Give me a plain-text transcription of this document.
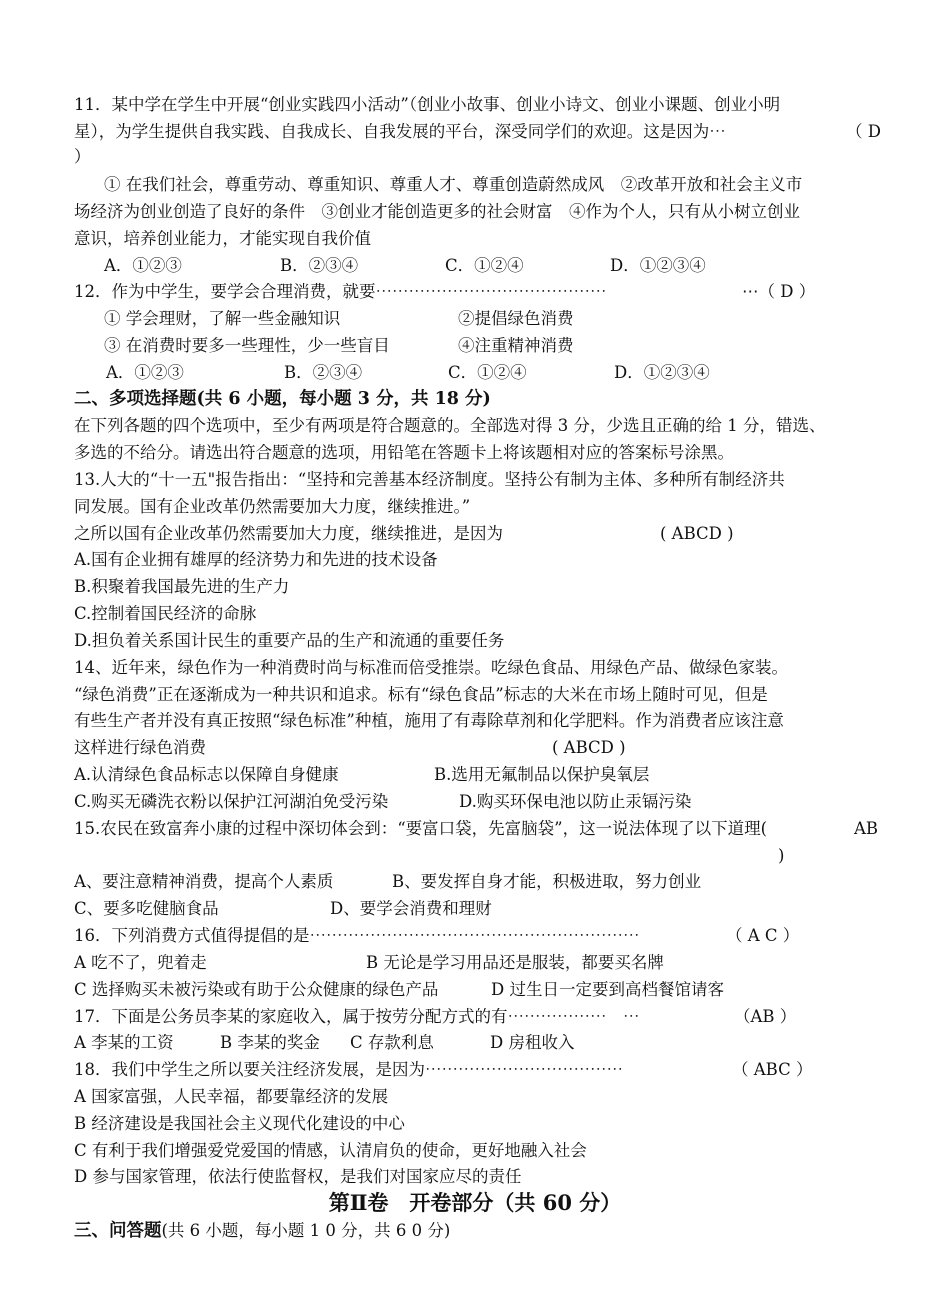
11．某中学在学生中开展“创业实践四小活动”（创业小故事、创业小诗文、创业小课题、创业小明
星），为学生提供自我实践、自我成长、自我发展的平台，深受同学们的欢迎。这是因为⋯	（ D
）
① 在我们社会，尊重劳动、尊重知识、尊重人才、尊重创造蔚然成风　②改革开放和社会主义市
场经济为创业创造了良好的条件　③创业才能创造更多的社会财富　④作为个人，只有从小树立创业
意识，培养创业能力，才能实现自我价值
A．①②③	B．②③④	C．①②④	D．①②③④
12．作为中学生，要学会合理消费，就要⋯⋯⋯⋯⋯⋯⋯⋯⋯⋯⋯⋯⋯⋯	⋯（ D ）
① 学会理财，了解一些金融知识	②提倡绿色消费
③ 在消费时要多一些理性，少一些盲目	④注重精神消费
A．①②③	B．②③④	C．①②④	D．①②③④
二、多项选择题(共 6 小题，每小题 3 分，共 18 分)
在下列各题的四个选项中，至少有两项是符合题意的。全部选对得 3 分，少选且正确的给 1 分，错选、
多选的不给分。请选出符合题意的选项，用铅笔在答题卡上将该题相对应的答案标号涂黑。
13.人大的“十一五"报告指出：“坚持和完善基本经济制度。坚持公有制为主体、多种所有制经济共
同发展。国有企业改革仍然需要加大力度，继续推进。”
之所以国有企业改革仍然需要加大力度，继续推进，是因为	( ABCD )
A.国有企业拥有雄厚的经济势力和先进的技术设备
B.积聚着我国最先进的生产力
C.控制着国民经济的命脉
D.担负着关系国计民生的重要产品的生产和流通的重要任务
14、近年来，绿色作为一种消费时尚与标准而倍受推崇。吃绿色食品、用绿色产品、做绿色家装。
“绿色消费”正在逐渐成为一种共识和追求。标有“绿色食品”标志的大米在市场上随时可见，但是
有些生产者并没有真正按照“绿色标准”种植，施用了有毒除草剂和化学肥料。作为消费者应该注意
这样进行绿色消费	( ABCD )
A.认清绿色食品标志以保障自身健康	B.选用无氟制品以保护臭氧层
C.购买无磷洗衣粉以保护江河湖泊免受污染	D.购买环保电池以防止汞镉污染
15.农民在致富奔小康的过程中深切体会到：“要富口袋，先富脑袋”，这一说法体现了以下道理(	AB
)
A、要注意精神消费，提高个人素质	B、要发挥自身才能，积极进取，努力创业
C、要多吃健脑食品	D、要学会消费和理财
16．下列消费方式值得提倡的是⋯⋯⋯⋯⋯⋯⋯⋯⋯⋯⋯⋯⋯⋯⋯⋯⋯⋯⋯⋯	（ A C ）
A 吃不了，兜着走	B 无论是学习用品还是服装，都要买名牌
C 选择购买未被污染或有助于公众健康的绿色产品	D 过生日一定要到高档餐馆请客
17．下面是公务员李某的家庭收入，属于按劳分配方式的有⋯⋯⋯⋯⋯⋯　⋯	（AB ）
A 李某的工资	B 李某的奖金 C 存款利息	D 房租收入
18．我们中学生之所以要关注经济发展，是因为⋯⋯⋯⋯⋯⋯⋯⋯⋯⋯⋯⋯	（ ABC ）
A 国家富强，人民幸福，都要靠经济的发展
B 经济建设是我国社会主义现代化建设的中心
C 有利于我们增强爱党爱国的情感，认清肩负的使命，更好地融入社会
D 参与国家管理，依法行使监督权，是我们对国家应尽的责任
第Ⅱ卷　开卷部分（共 60 分）
三、问答题(共 6 小题，每小题 1 0 分，共 6 0 分)
